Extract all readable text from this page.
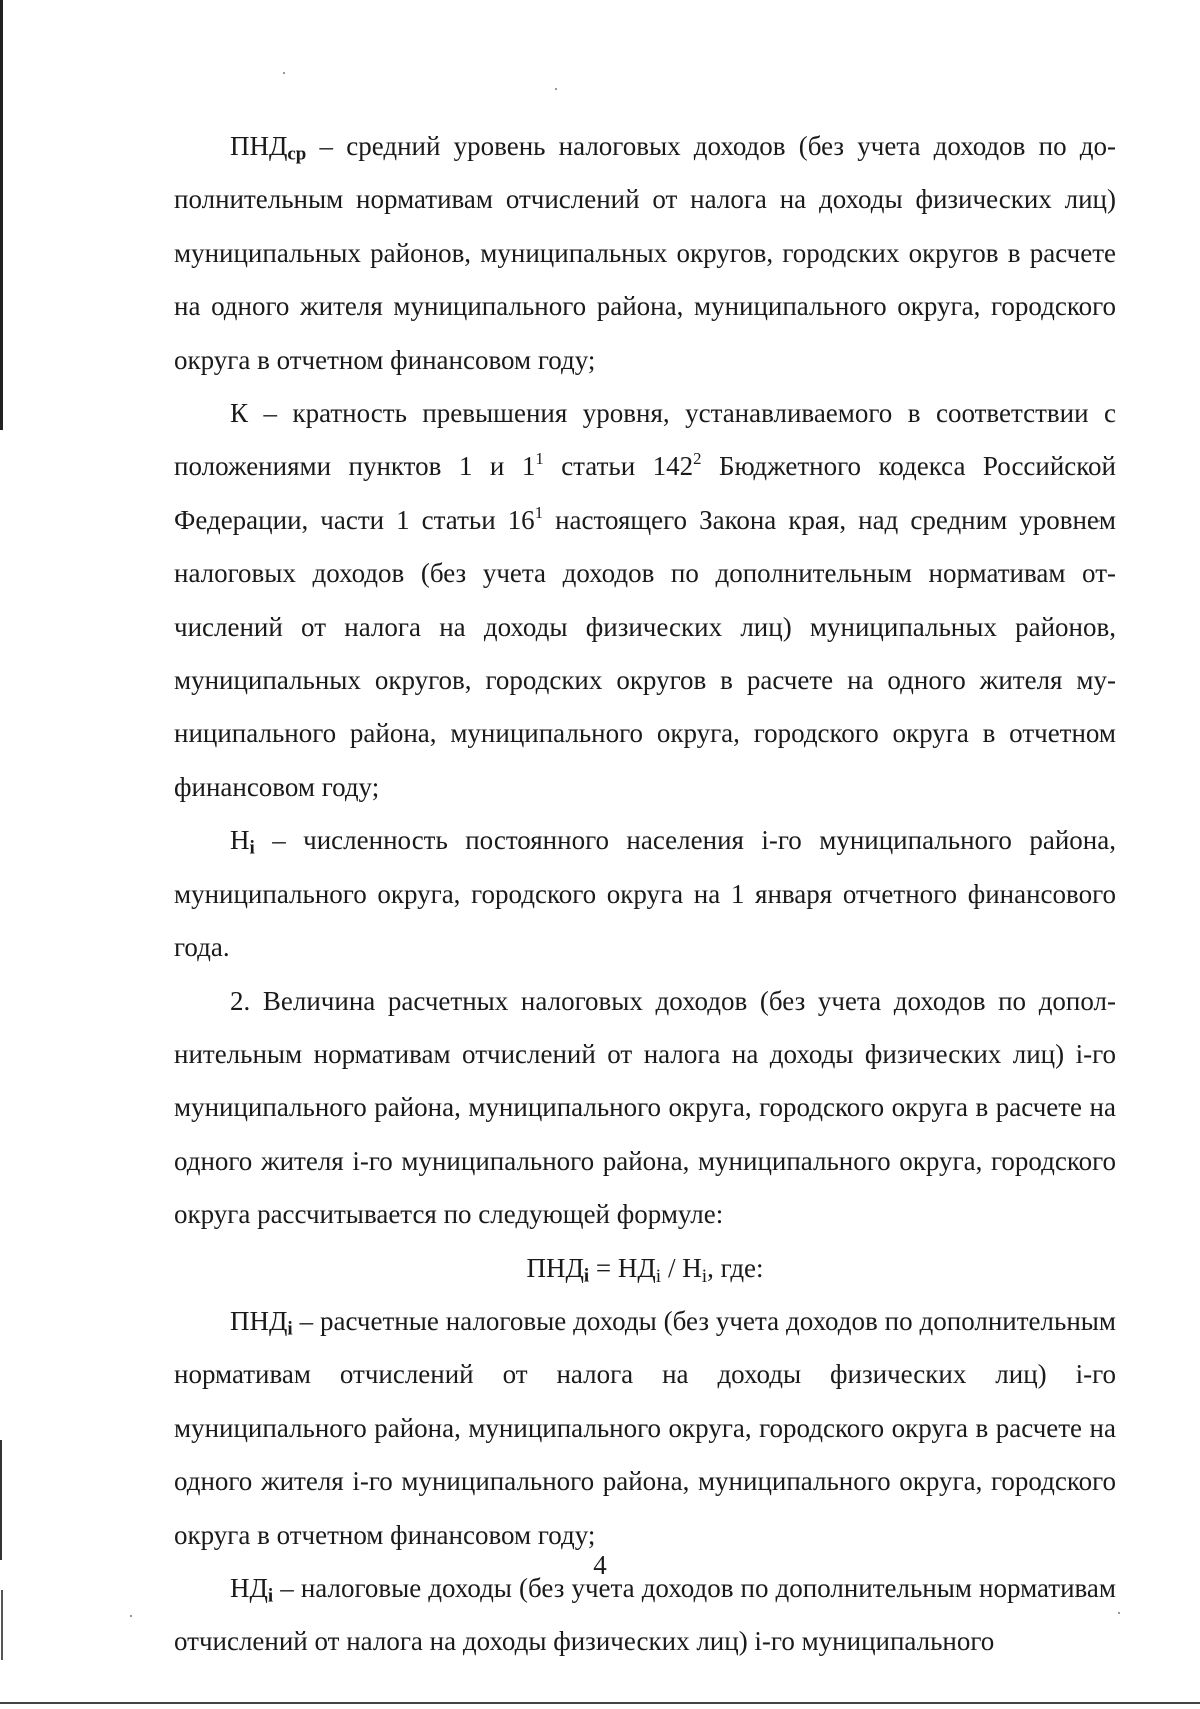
$ПНД_{ср}$ – средний уровень налоговых доходов (без учета доходов по дополнительным нормативам отчислений от налога на доходы физических лиц) муниципальных районов, муниципальных округов, городских округов в расчете на одного жителя муниципального района, муниципального округа, городского округа в отчетном финансовом году;

К – кратность превышения уровня, устанавливаемого в соответствии с положениями пунктов 1 и $1^1$ статьи $142^2$ Бюджетного кодекса Российской Федерации, части 1 статьи $16^1$ настоящего Закона края, над средним уровнем налоговых доходов (без учета доходов по дополнительным нормативам отчислений от налога на доходы физических лиц) муниципальных районов, муниципальных округов, городских округов в расчете на одного жителя муниципального района, муниципального округа, городского округа в отчетном финансовом году;

$Н_i$ – численность постоянного населения i-го муниципального района, муниципального округа, городского округа на 1 января отчетного финансового года.

2. Величина расчетных налоговых доходов (без учета доходов по дополнительным нормативам отчислений от налога на доходы физических лиц) i-го муниципального района, муниципального округа, городского округа в расчете на одного жителя i-го муниципального района, муниципального округа, городского округа рассчитывается по следующей формуле:

$ПНД_i = НД_i / Н_i$, где:

$ПНД_i$ – расчетные налоговые доходы (без учета доходов по дополнительным нормативам отчислений от налога на доходы физических лиц) i-го муниципального района, муниципального округа, городского округа в расчете на одного жителя i-го муниципального района, муниципального округа, городского округа в отчетном финансовом году;

$НД_i$ – налоговые доходы (без учета доходов по дополнительным нормативам отчислений от налога на доходы физических лиц) i-го муниципального

4
